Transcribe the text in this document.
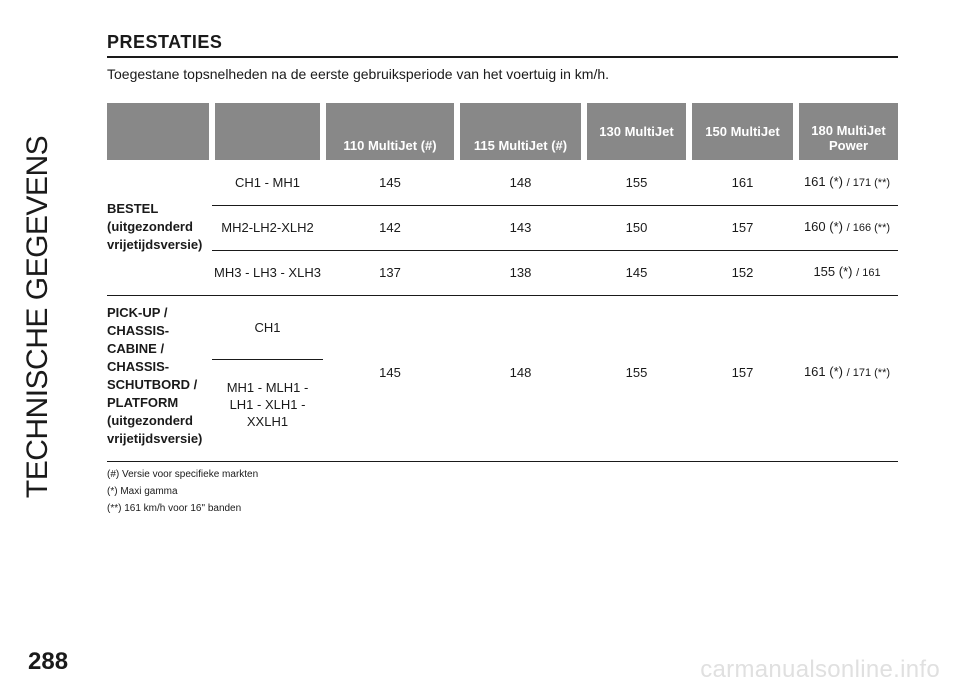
TECHNISCHE GEGEVENS
PRESTATIES
Toegestane topsnelheden na de eerste gebruiksperiode van het voertuig in km/h.
		110 MultiJet (#)	115 MultiJet (#)	130 MultiJet	150 MultiJet	180 MultiJet Power
BESTEL (uitgezonderd vrijetijdsversie)	CH1 - MH1	145	148	155	161	161 (*) / 171 (**)
	MH2-LH2-XLH2	142	143	150	157	160 (*) / 166 (**)
	MH3 - LH3 - XLH3	137	138	145	152	155 (*) / 161
PICK-UP / CHASSIS-CABINE / CHASSIS-SCHUTBORD / PLATFORM (uitgezonderd vrijetijdsversie)	CH1	145	148	155	157	161 (*) / 171 (**)
	MH1 - MLH1 - LH1 - XLH1 - XXLH1					
(#) Versie voor specifieke markten
(*) Maxi gamma
(**) 161 km/h voor 16" banden
288	carmanualsonline.info
